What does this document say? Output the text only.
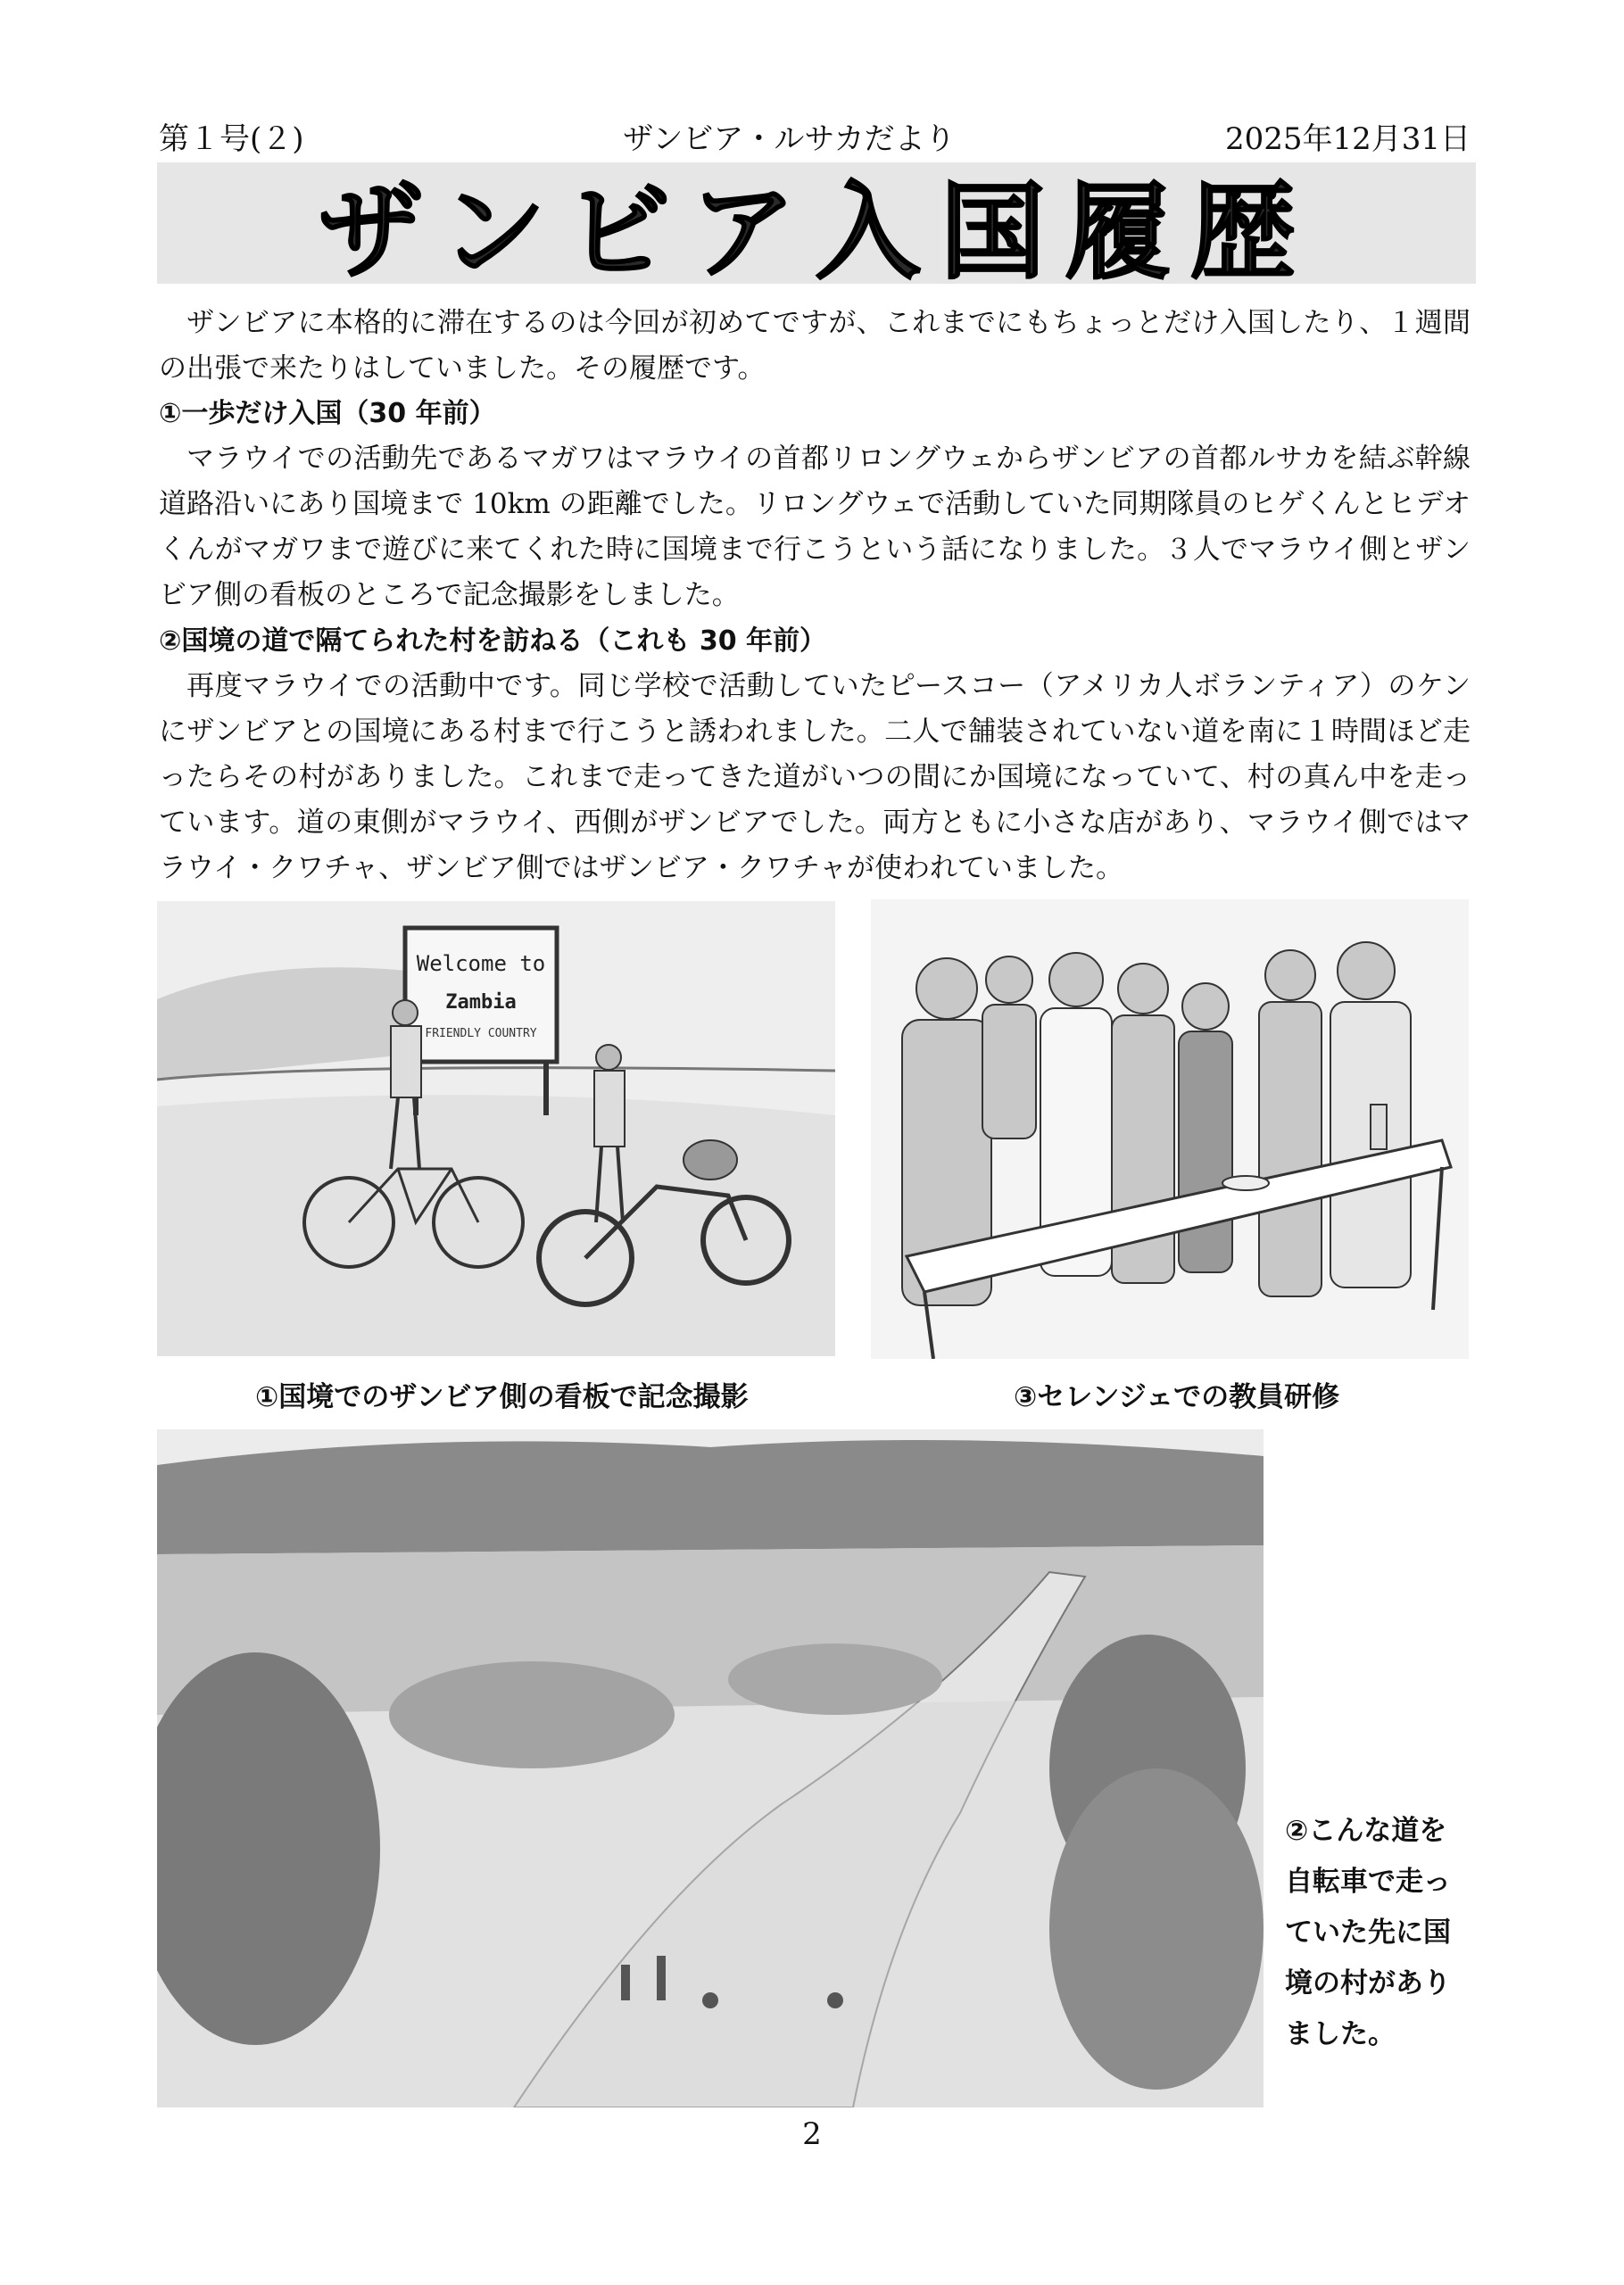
第１号(２)	ザンビア・ルサカだより	2025年12月31日
ザンビア入国履歴

ザンビアに本格的に滞在するのは今回が初めてですが、これまでにもちょっとだけ入国したり、１週間の出張で来たりはしていました。その履歴です。

①一歩だけ入国（30 年前）

マラウイでの活動先であるマガワはマラウイの首都リロングウェからザンビアの首都ルサカを結ぶ幹線道路沿いにあり国境まで 10km の距離でした。リロングウェで活動していた同期隊員のヒゲくんとヒデオくんがマガワまで遊びに来てくれた時に国境まで行こうという話になりました。３人でマラウイ側とザンビア側の看板のところで記念撮影をしました。

②国境の道で隔てられた村を訪ねる（これも 30 年前）

再度マラウイでの活動中です。同じ学校で活動していたピースコー（アメリカ人ボランティア）のケンにザンビアとの国境にある村まで行こうと誘われました。二人で舗装されていない道を南に１時間ほど走ったらその村がありました。これまで走ってきた道がいつの間にか国境になっていて、村の真ん中を走っています。道の東側がマラウイ、西側がザンビアでした。両方ともに小さな店があり、マラウイ側ではマラウイ・クワチャ、ザンビア側ではザンビア・クワチャが使われていました。

Welcome to
Zambia
FRIENDLY COUNTRY
①国境でのザンビア側の看板で記念撮影	③セレンジェでの教員研修
②こんな道を自転車で走っていた先に国境の村がありました。
2
